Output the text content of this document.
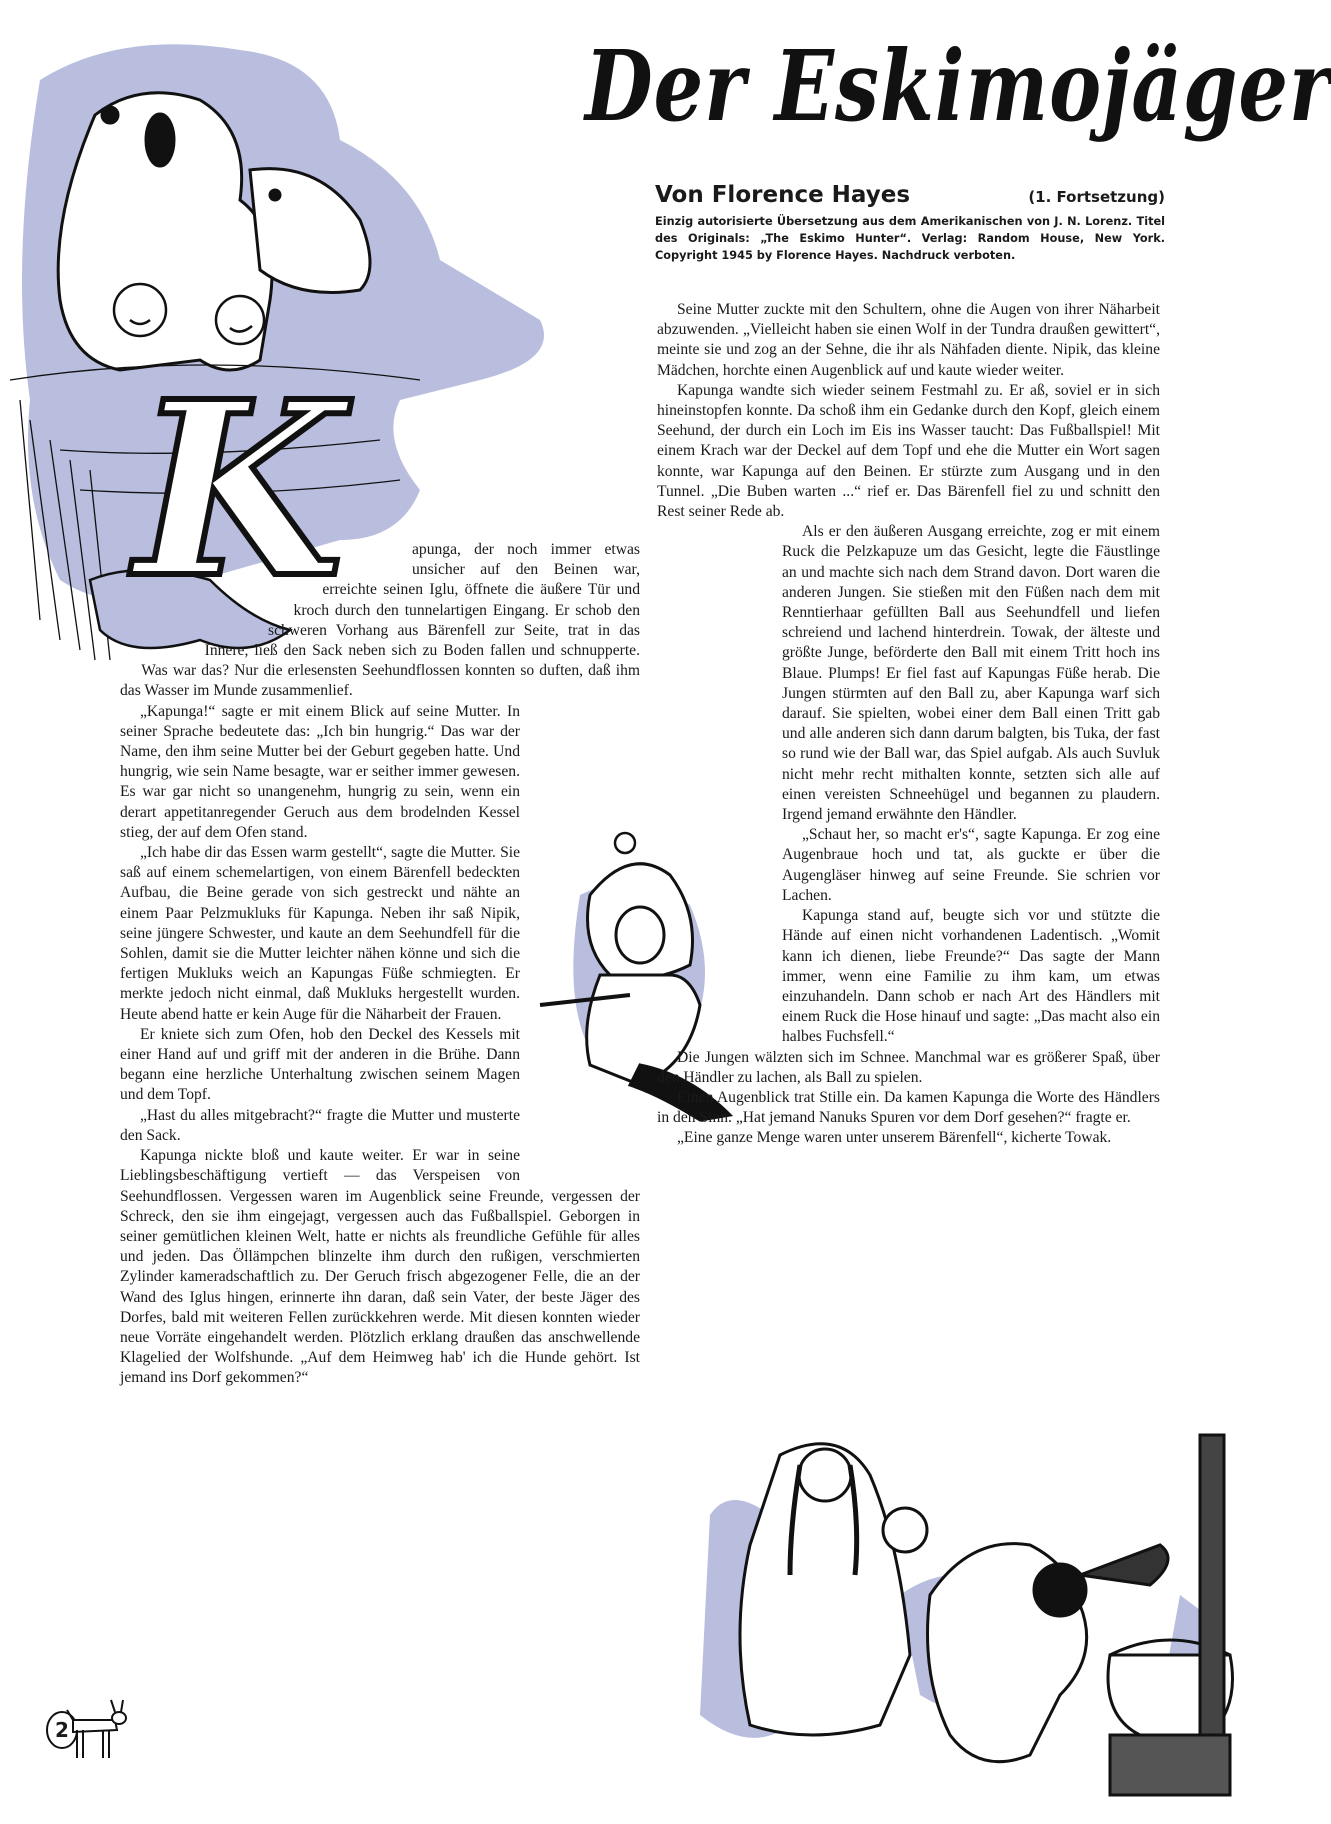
Der Eskimojäger
Von Florence Hayes	(1. Fortsetzung)
Einzig autorisierte Übersetzung aus dem Amerikanischen von J. N. Lorenz. Titel des Originals: „The Eskimo Hunter“. Verlag: Random House, New York. Copyright 1945 by Florence Hayes. Nachdruck verboten.
K	apunga, der noch immer etwas unsicher auf den Beinen war, erreichte seinen Iglu, öffnete die äußere Tür und kroch durch den tunnelartigen Eingang. Er schob den schweren Vorhang aus Bärenfell zur Seite, trat in das Innere, ließ den Sack neben sich zu Boden fallen und schnupperte. Was war das? Nur die erlesensten Seehundflossen konnten so duften, daß ihm das Wasser im Munde zusammenlief.

„Kapunga!“ sagte er mit einem Blick auf seine Mutter. In seiner Sprache bedeutete das: „Ich bin hungrig.“ Das war der Name, den ihm seine Mutter bei der Geburt gegeben hatte. Und hungrig, wie sein Name besagte, war er seither immer gewesen. Es war gar nicht so unangenehm, hungrig zu sein, wenn ein derart appetitanregender Geruch aus dem brodelnden Kessel stieg, der auf dem Ofen stand.

„Ich habe dir das Essen warm gestellt“, sagte die Mutter. Sie saß auf einem schemelartigen, von einem Bärenfell bedeckten Aufbau, die Beine gerade von sich gestreckt und nähte an einem Paar Pelzmukluks für Kapunga. Neben ihr saß Nipik, seine jüngere Schwester, und kaute an dem Seehundfell für die Sohlen, damit sie die Mutter leichter nähen könne und sich die fertigen Mukluks weich an Kapungas Füße schmiegten. Er merkte jedoch nicht einmal, daß Mukluks hergestellt wurden. Heute abend hatte er kein Auge für die Näharbeit der Frauen.

Er kniete sich zum Ofen, hob den Deckel des Kessels mit einer Hand auf und griff mit der anderen in die Brühe. Dann begann eine herzliche Unterhaltung zwischen seinem Magen und dem Topf.

„Hast du alles mitgebracht?“ fragte die Mutter und musterte den Sack.

Kapunga nickte bloß und kaute weiter. Er war in seine Lieblingsbeschäftigung vertieft — das Verspeisen von Seehundflossen. Vergessen waren im Augenblick seine Freunde, vergessen der Schreck, den sie ihm eingejagt, vergessen auch das Fußballspiel. Geborgen in seiner gemütlichen kleinen Welt, hatte er nichts als freundliche Gefühle für alles und jeden. Das Öllämpchen blinzelte ihm durch den rußigen, verschmierten Zylinder kameradschaftlich zu. Der Geruch frisch abgezogener Felle, die an der Wand des Iglus hingen, erinnerte ihn daran, daß sein Vater, der beste Jäger des Dorfes, bald mit weiteren Fellen zurückkehren werde. Mit diesen konnten wieder neue Vorräte eingehandelt werden. Plötzlich erklang draußen das anschwellende Klagelied der Wolfshunde. „Auf dem Heimweg hab' ich die Hunde gehört. Ist jemand ins Dorf gekommen?“

Seine Mutter zuckte mit den Schultern, ohne die Augen von ihrer Näharbeit abzuwenden. „Vielleicht haben sie einen Wolf in der Tundra draußen gewittert“, meinte sie und zog an der Sehne, die ihr als Nähfaden diente. Nipik, das kleine Mädchen, horchte einen Augenblick auf und kaute wieder weiter.

Kapunga wandte sich wieder seinem Festmahl zu. Er aß, soviel er in sich hineinstopfen konnte. Da schoß ihm ein Gedanke durch den Kopf, gleich einem Seehund, der durch ein Loch im Eis ins Wasser taucht: Das Fußballspiel! Mit einem Krach war der Deckel auf dem Topf und ehe die Mutter ein Wort sagen konnte, war Kapunga auf den Beinen. Er stürzte zum Ausgang und in den Tunnel. „Die Buben warten ...“ rief er. Das Bärenfell fiel zu und schnitt den Rest seiner Rede ab.

Als er den äußeren Ausgang erreichte, zog er mit einem Ruck die Pelzkapuze um das Gesicht, legte die Fäustlinge an und machte sich nach dem Strand davon. Dort waren die anderen Jungen. Sie stießen mit den Füßen nach dem mit Renntierhaar gefüllten Ball aus Seehundfell und liefen schreiend und lachend hinterdrein. Towak, der älteste und größte Junge, beförderte den Ball mit einem Tritt hoch ins Blaue. Plumps! Er fiel fast auf Kapungas Füße herab. Die Jungen stürmten auf den Ball zu, aber Kapunga warf sich darauf. Sie spielten, wobei einer dem Ball einen Tritt gab und alle anderen sich dann darum balgten, bis Tuka, der fast so rund wie der Ball war, das Spiel aufgab. Als auch Suvluk nicht mehr recht mithalten konnte, setzten sich alle auf einen vereisten Schneehügel und begannen zu plaudern. Irgend jemand erwähnte den Händler.

„Schaut her, so macht er's“, sagte Kapunga. Er zog eine Augenbraue hoch und tat, als guckte er über die Augengläser hinweg auf seine Freunde. Sie schrien vor Lachen.

Kapunga stand auf, beugte sich vor und stützte die Hände auf einen nicht vorhandenen Ladentisch. „Womit kann ich dienen, liebe Freunde?“ Das sagte der Mann immer, wenn eine Familie zu ihm kam, um etwas einzuhandeln. Dann schob er nach Art des Händlers mit einem Ruck die Hose hinauf und sagte: „Das macht also ein halbes Fuchsfell.“

Die Jungen wälzten sich im Schnee. Manchmal war es größerer Spaß, über den Händler zu lachen, als Ball zu spielen.

Einen Augenblick trat Stille ein. Da kamen Kapunga die Worte des Händlers in den Sinn. „Hat jemand Nanuks Spuren vor dem Dorf gesehen?“ fragte er.

„Eine ganze Menge waren unter unserem Bärenfell“, kicherte Towak.

2
